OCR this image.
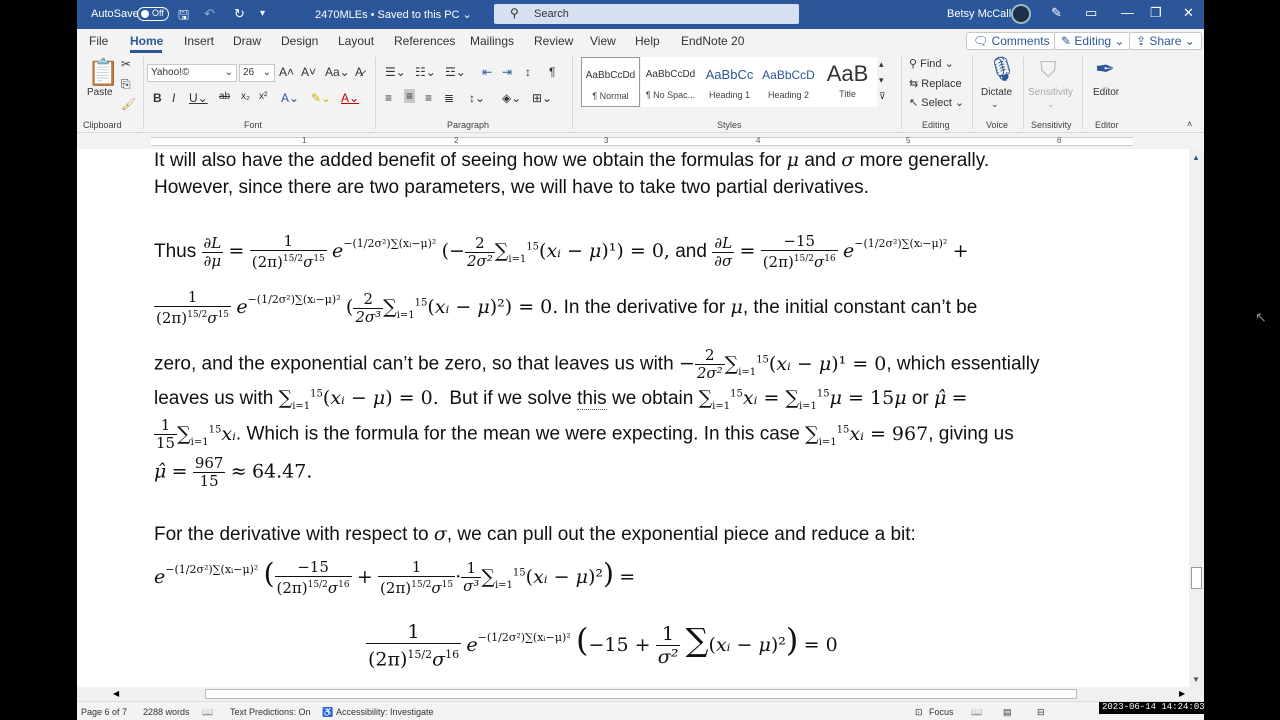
AutoSave Off 🖫 ↶ ↻ ▾	2470MLEs • Saved to this PC ⌄	⚲ Search	Betsy McCall	✎ ▭ — ❐ ✕
File Home Insert Draw Design Layout References Mailings Review View Help EndNote 20	🗨 Comments ✎ Editing ⌄ ⇪ Share ⌄
📋
Paste
✂
⎘
🖌
Clipboard
Yahoo!©	⌄	26 ⌄ A˄ A˅ Aa⌄ A̷
B I U⌄ ab x₂ x² A⌄ ✎⌄ A⌄
Font
☰⌄ ☷⌄ ☲⌄ ⇤ ⇥ ↕ ¶
≡ ≡ ≡ ≣ ↕⌄ ◈⌄ ⊞⌄
Paragraph
AaBbCcDd
¶ Normal
AaBbCcDd
¶ No Spac...
AaBbCc
Heading 1
AaBbCcD
Heading 2
AaB
Title
▴
▾
⊽
Styles
⚲ Find ⌄
⇆ Replace
↖ Select ⌄
Editing
🎙
Dictate
⌄
Voice
⛉
Sensitivity
⌄
Sensitivity
✒
Editor
Editor	˄
1	2	3	4	5	6
It will also have the added benefit of seeing how we obtain the formulas for μ and σ more generally.
However, since there are two parameters, we will have to take two partial derivatives.
Thus $\frac{\partial L}{\partial\mu} = \frac{1}{(2\pi)^{15/2}\sigma^{15}} e^{-(1/2\sigma^2)\sum(xᵢ-\mu)^2}$ (− $\frac{2}{\text{2σ²}}$ $\sum_{i=1}^{15}(xᵢ - \mu)^1) = 0$, and $\frac{\partial L}{\partial\sigma} = \frac{-15}{(2\pi)^{15/2}\sigma^{16}} e^{-(1/2\sigma^2)\sum(xᵢ-\mu)^2}$ +
$\frac{1}{(2\pi)^{15/2}\sigma^{15}} e^{-(1/2\sigma^2)\sum(xᵢ-\mu)^2}$ ( $\frac{2}{\text{2σ³}}$ $\sum_{i=1}^{15}(xᵢ - \mu)^2) = 0$. In the derivative for μ, the initial constant can’t be
zero, and the exponential can’t be zero, so that leaves us with − $\frac{2}{\text{2σ²}}$ $\sum_{i=1}^{15}(xᵢ - \mu)^1 = 0$, which essentially
leaves us with $\sum_{i=1}^{15}(xᵢ - \mu) = 0$. But if we solve this we obtain $\sum_{i=1}^{15}xᵢ = \sum_{i=1}^{15}\mu = 15\mu$ or μ̂ =
$\frac{1}{15}$ $\sum_{i=1}^{15}xᵢ$. Which is the formula for the mean we were expecting. In this case $\sum_{i=1}^{15}xᵢ = 967$, giving us
μ̂ = $\frac{967}{15} \approx 64.47$.
For the derivative with respect to σ, we can pull out the exponential piece and reduce a bit:
$e^{-(1/2\sigma^2)\sum(xᵢ-\mu)^2}$ ( $\frac{-15}{(2\pi)^{15/2}\sigma^{16}} + \frac{1}{(2\pi)^{15/2}\sigma^{15}} \cdot \frac{1}{\text{σ³}}$ $\sum_{i=1}^{15}(xᵢ - \mu)^2$) =
$\frac{1}{(2\pi)^{15/2}\sigma^{16}} e^{-(1/2\sigma^2)\sum(xᵢ-\mu)^2}$ ($-15 + \frac{1}{\text{σ²}}$ ∑(xᵢ − μ)²) = 0
↖
▲
▼
◀	▶
Page 6 of 7 2288 words 📖 Text Predictions: On ♿ Accessibility: Investigate	⊡ Focus 📖 ▤	⊟	2023-06-14 14:24:03
